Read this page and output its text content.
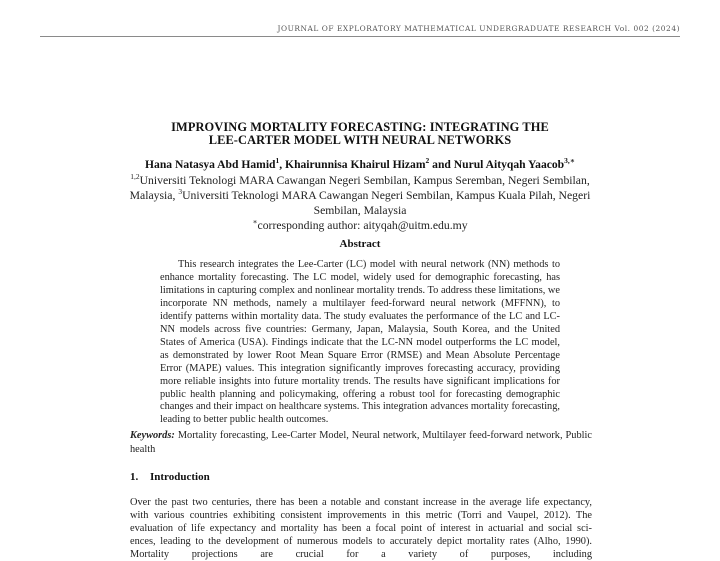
JOURNAL OF EXPLORATORY MATHEMATICAL UNDERGRADUATE RESEARCH Vol. 002 (2024)
IMPROVING MORTALITY FORECASTING: INTEGRATING THE
LEE-CARTER MODEL WITH NEURAL NETWORKS
Hana Natasya Abd Hamid$^1$, Khairunnisa Khairul Hizam$^2$ and Nurul Aityqah Yaacob$^{3,∗}$
$^{1,2}$Universiti Teknologi MARA Cawangan Negeri Sembilan, Kampus Seremban, Negeri Sembilan, Malaysia, $^3$Universiti Teknologi MARA Cawangan Negeri Sembilan, Kampus Kuala Pilah, Negeri Sembilan, Malaysia
∗corresponding author: aityqah@uitm.edu.my
Abstract
This research integrates the Lee-Carter (LC) model with neural network (NN) methods to enhance mortality forecasting. The LC model, widely used for demographic forecasting, has limitations in capturing complex and nonlinear mortality trends. To address these limitations, we incorporate NN methods, namely a multilayer feed-forward neural network (MFFNN), to identify patterns within mortality data. The study evaluates the performance of the LC and LC-NN models across five countries: Germany, Japan, Malaysia, South Korea, and the United States of America (USA). Findings indicate that the LC-NN model outperforms the LC model, as demonstrated by lower Root Mean Square Error (RMSE) and Mean Absolute Percentage Error (MAPE) values. This integration significantly improves forecasting accuracy, providing more reliable insights into future mortality trends. The results have significant implications for public health planning and policymaking, offering a robust tool for forecasting demographic changes and their impact on healthcare systems. This integration advances mortality forecasting, leading to better public health outcomes.
Keywords: Mortality forecasting, Lee-Carter Model, Neural network, Multilayer feed-forward network, Public health
1. Introduction
Over the past two centuries, there has been a notable and constant increase in the average life expectancy,
with various countries exhibiting consistent improvements in this metric (Torri and Vaupel, 2012). The
evaluation of life expectancy and mortality has been a focal point of interest in actuarial and social sci-
ences, leading to the development of numerous models to accurately depict mortality rates (Alho, 1990).
Mortality projections are crucial for a variety of purposes, including
